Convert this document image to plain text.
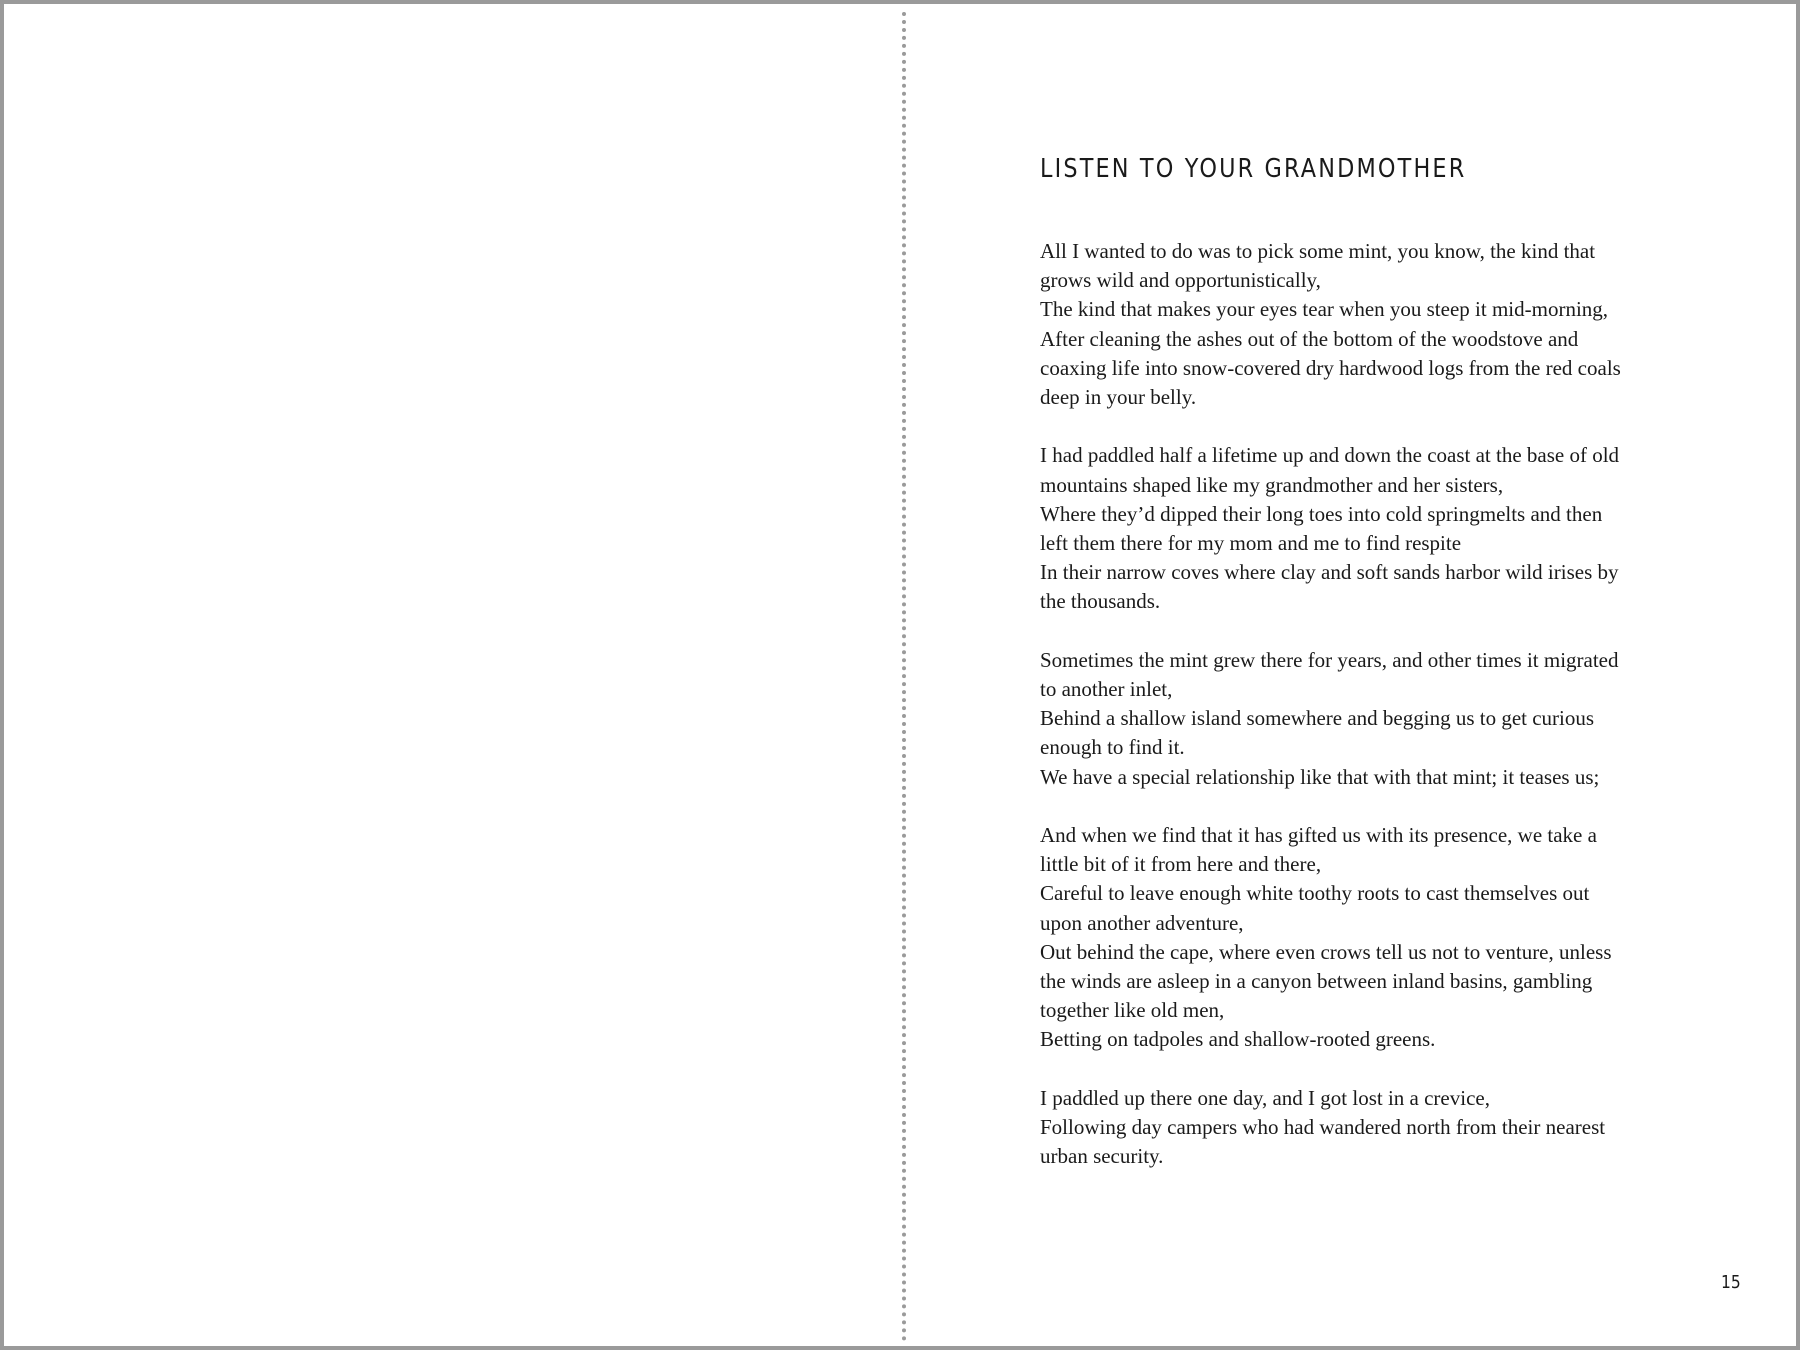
LISTEN TO YOUR GRANDMOTHER
All I wanted to do was to pick some mint, you know, the kind that
grows wild and opportunistically,
The kind that makes your eyes tear when you steep it mid-morning,
After cleaning the ashes out of the bottom of the woodstove and
coaxing life into snow-covered dry hardwood logs from the red coals
deep in your belly.
I had paddled half a lifetime up and down the coast at the base of old
mountains shaped like my grandmother and her sisters,
Where they’d dipped their long toes into cold springmelts and then
left them there for my mom and me to find respite
In their narrow coves where clay and soft sands harbor wild irises by
the thousands.
Sometimes the mint grew there for years, and other times it migrated
to another inlet,
Behind a shallow island somewhere and begging us to get curious
enough to find it.
We have a special relationship like that with that mint; it teases us;
And when we find that it has gifted us with its presence, we take a
little bit of it from here and there,
Careful to leave enough white toothy roots to cast themselves out
upon another adventure,
Out behind the cape, where even crows tell us not to venture, unless
the winds are asleep in a canyon between inland basins, gambling
together like old men,
Betting on tadpoles and shallow-rooted greens.
I paddled up there one day, and I got lost in a crevice,
Following day campers who had wandered north from their nearest
urban security.
15
